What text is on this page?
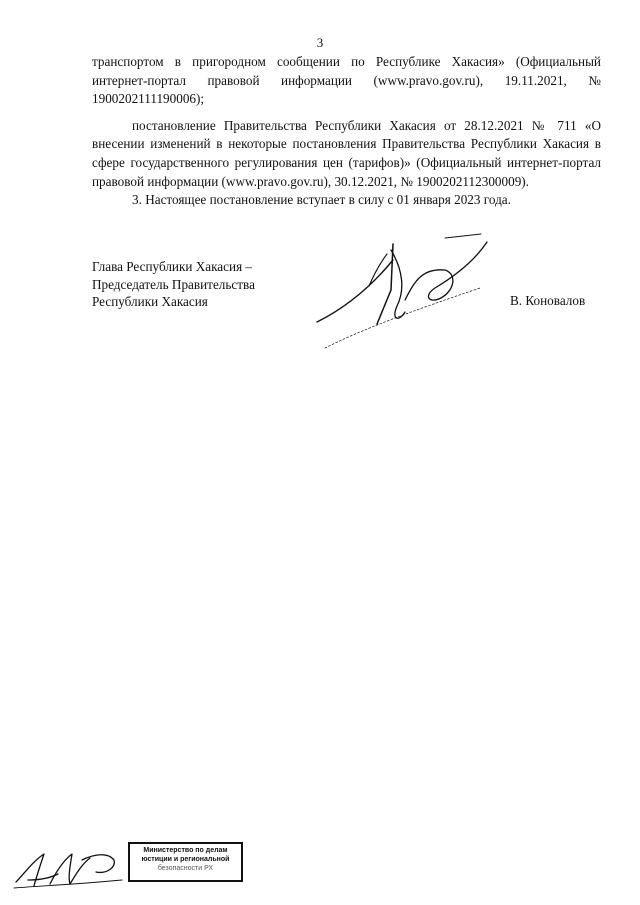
3

транспортом в пригородном сообщении по Республике Хакасия» (Официальный интернет-портал правовой информации (www.pravo.gov.ru), 19.11.2021, № 1900202111190006);

постановление Правительства Республики Хакасия от 28.12.2021 № 711 «О внесении изменений в некоторые постановления Правительства Республики Хакасия в сфере государственного регулирования цен (тарифов)» (Официальный интернет-портал правовой информации (www.pravo.gov.ru), 30.12.2021, № 1900202112300009).

3. Настоящее постановление вступает в силу с 01 января 2023 года.

Глава Республики Хакасия –
Председатель Правительства
Республики Хакасия	В. Коновалов
Министерство по делам
юстиции и региональной
безопасности РХ
